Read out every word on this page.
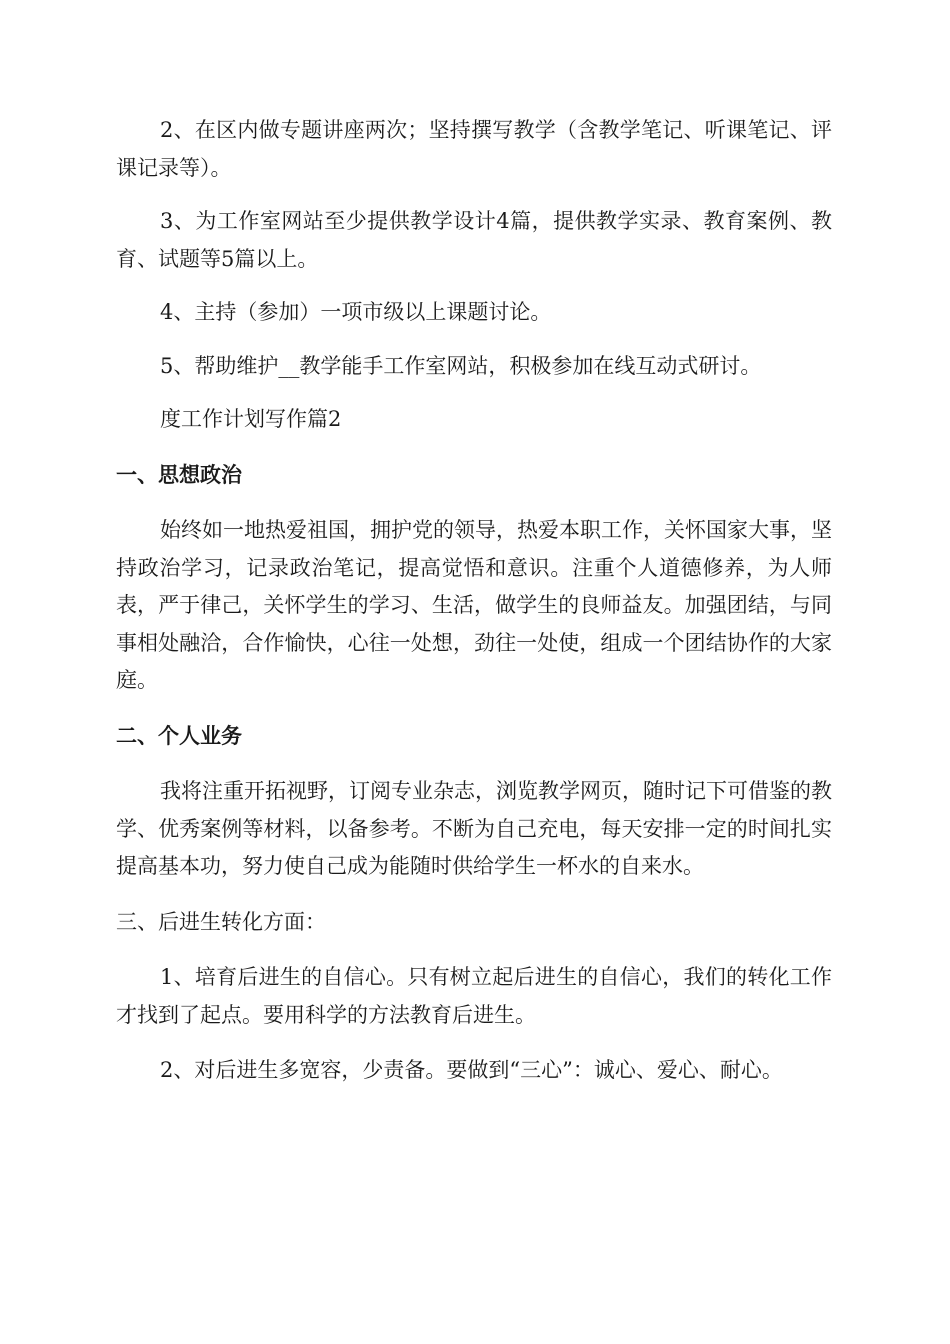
2、在区内做专题讲座两次；坚持撰写教学（含教学笔记、听课笔记、评课记录等）。

3、为工作室网站至少提供教学设计4篇，提供教学实录、教育案例、教育、试题等5篇以上。

4、主持（参加）一项市级以上课题讨论。

5、帮助维护__教学能手工作室网站，积极参加在线互动式研讨。

度工作计划写作篇2

一、思想政治

始终如一地热爱祖国，拥护党的领导，热爱本职工作，关怀国家大事，坚持政治学习，记录政治笔记，提高觉悟和意识。注重个人道德修养，为人师表，严于律己，关怀学生的学习、生活，做学生的良师益友。加强团结，与同事相处融洽，合作愉快，心往一处想，劲往一处使，组成一个团结协作的大家庭。

二、个人业务

我将注重开拓视野，订阅专业杂志，浏览教学网页，随时记下可借鉴的教学、优秀案例等材料，以备参考。不断为自己充电，每天安排一定的时间扎实提高基本功，努力使自己成为能随时供给学生一杯水的自来水。

三、后进生转化方面：

1、培育后进生的自信心。只有树立起后进生的自信心，我们的转化工作才找到了起点。要用科学的方法教育后进生。

2、对后进生多宽容，少责备。要做到“三心”：诚心、爱心、耐心。
